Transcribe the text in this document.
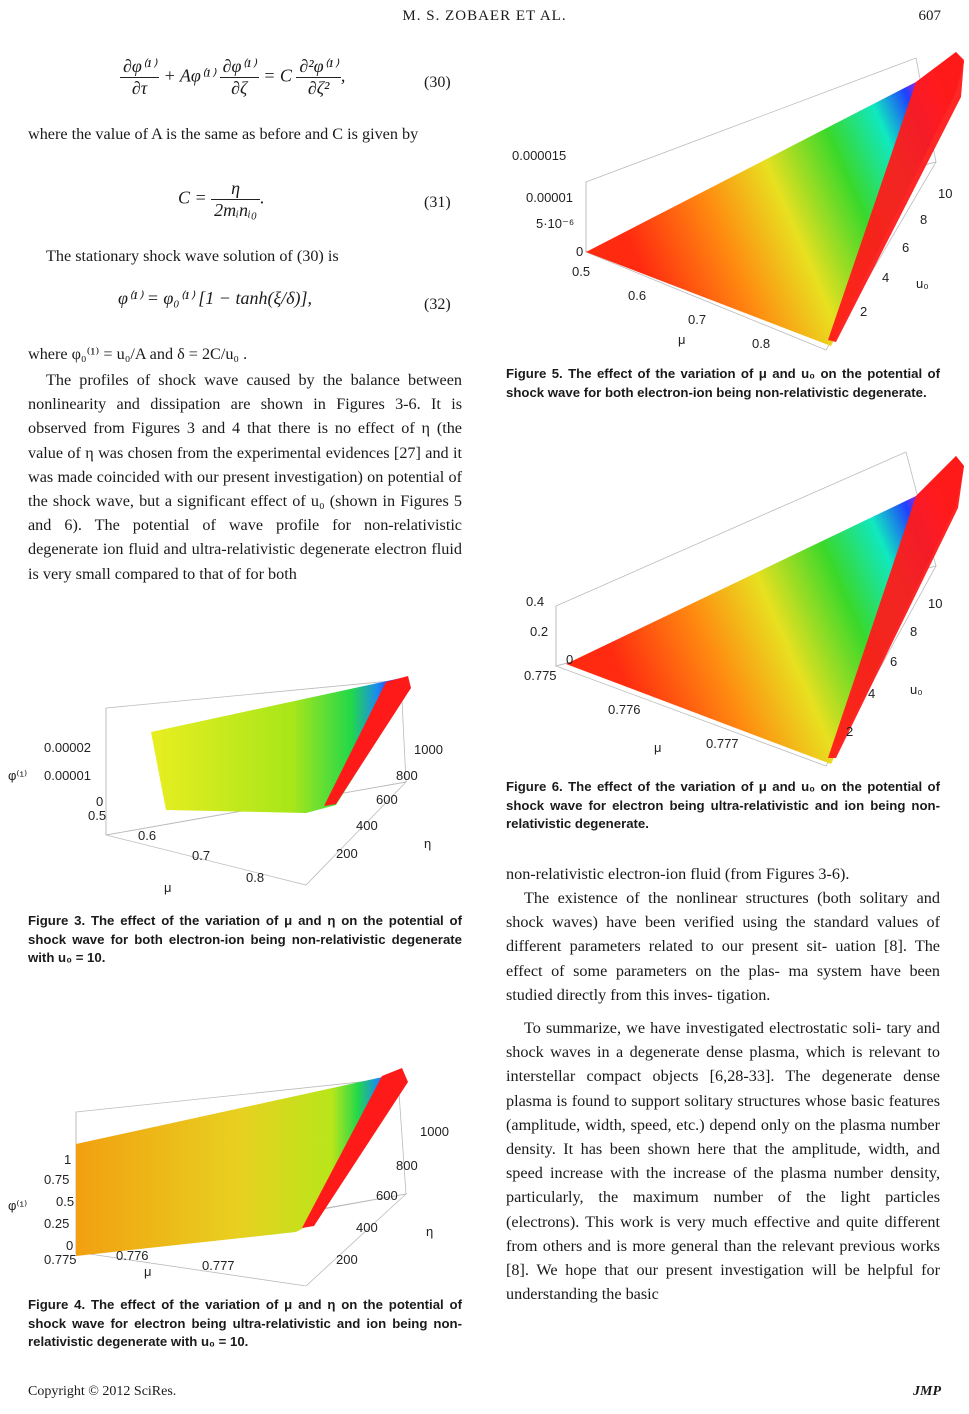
M. S. ZOBAER ET AL.	607
$\frac{\text{∂φ⁽¹⁾}}{\partial\tau} + A\varphi^{(1)} \frac{\text{∂φ⁽¹⁾}}{\partial\zeta} = C \frac{\text{∂²φ⁽¹⁾}}{\text{∂ζ²}}$ ,	(30)
where the value of A is the same as before and C is given by
$C = \frac{\eta}{\text{2mᵢnᵢ₀}}$ .	(31)
The stationary shock wave solution of (30) is
φ⁽¹⁾ = φ₀⁽¹⁾ [1 − tanh(ξ/δ)],	(32)
where φ₀⁽¹⁾ = u₀/A and δ = 2C/u₀ .
The profiles of shock wave caused by the balance between nonlinearity and dissipation are shown in Figures 3-6. It is observed from Figures 3 and 4 that there is no effect of η (the value of η was chosen from the experimental evidences [27] and it was made coincided with our present investigation) on potential of the shock wave, but a significant effect of u₀ (shown in Figures 5 and 6). The potential of wave profile for non-relativistic degenerate ion fluid and ultra-relativistic degenerate electron fluid is very small compared to that of for both
0.00002
0.00001
0
φ⁽¹⁾
0.5
0.6
0.7
0.8
μ
1000
800
600
400
200
η
Figure 3. The effect of the variation of μ and η on the potential of shock wave for both electron-ion being non-relativistic degenerate with u₀ = 10.
1
0.75
0.5
0.25
0
φ⁽¹⁾
0.775	0.776
0.777
μ
1000
800
600
400
200
η
Figure 4. The effect of the variation of μ and η on the potential of shock wave for electron being ultra-relativistic and ion being non-relativistic degenerate with u₀ = 10.
0.000015
0.00001
5·10⁻⁶
0
0.5
0.6
0.7
0.8
μ
10
8
6
4
2
u₀
Figure 5. The effect of the variation of μ and u₀ on the potential of shock wave for both electron-ion being non-relativistic degenerate.
0.4
0.2
0
0.775
0.776
0.777
μ
10
8
6
4
2
u₀
Figure 6. The effect of the variation of μ and u₀ on the potential of shock wave for electron being ultra-relativistic and ion being non-relativistic degenerate.
non-relativistic electron-ion fluid (from Figures 3-6).
The existence of the nonlinear structures (both solitary and shock waves) have been verified using the standard values of different parameters related to our present sit- uation [8]. The effect of some parameters on the plas- ma system have been studied directly from this inves- tigation.
To summarize, we have investigated electrostatic soli- tary and shock waves in a degenerate dense plasma, which is relevant to interstellar compact objects [6,28-33]. The degenerate dense plasma is found to support solitary structures whose basic features (amplitude, width, speed, etc.) depend only on the plasma number density. It has been shown here that the amplitude, width, and speed increase with the increase of the plasma number density, particularly, the maximum number of the light particles (electrons). This work is very much effective and quite different from others and is more general than the relevant previous works [8]. We hope that our present investigation will be helpful for understanding the basic
Copyright © 2012 SciRes.	JMP
